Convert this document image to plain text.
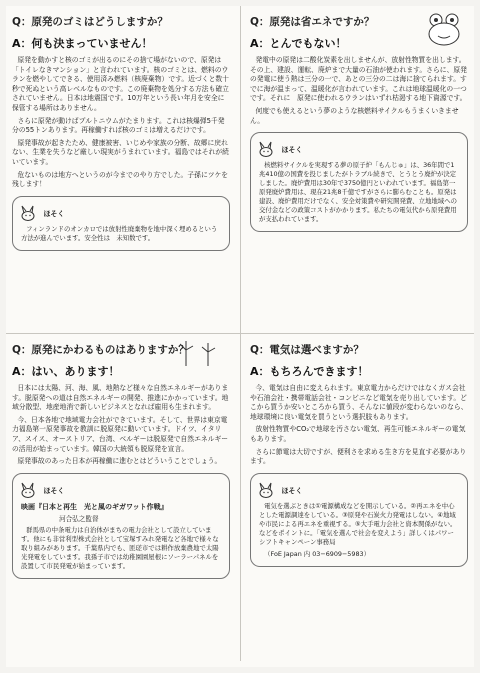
Q：原発のゴミはどうしますか？
A：何も決まっていません！

原発を動かすと核のゴミが出るのにその捨て場がないので、原発は「トイレなきマンション」と言われています。核のゴミとは、燃料のウランを燃やしてできる、使用済み燃料（核廃棄物）です。近づくと数十秒で死ぬという高レベルなものです。この廃棄物を処分する方法も確立されていません。日本は地震国です。10万年という長い年月を安全に保管する場所はありません。

さらに原発が動けばプルトニウムがたまります。これは核爆弾5千発分の55トンあります。再稼働すれば核のゴミは増えるだけです。

原発事故が起きたため、健康被害、いじめや家族の分断、故郷に戻れない、生業を失うなど厳しい現実がうまれています。福島ではそれが続いています。

危ないものは地方へというのが今までのやり方でした。子孫にツケを残します！

ほそく

フィンランドのオンカロでは放射性廃棄物を地中深く埋めるという方法が進んでいます。安全性は　未知数です。

Q：原発は省エネですか？
A：とんでもない！

発電中の原発は二酸化炭素を出しませんが、放射性物質を出します。その上、建設、運転、廃炉まで大量の石油が使われます。さらに、原発の発電に使う熱は三分の一で、あとの三分の二は海に捨てられます。すでに海が温まって、温暖化が言われています。これは地球温暖化の一つです。それに　原発に使われるウランはいずれ枯渇する地下資源です。

何度でも使えるという夢のような核燃料サイクルもうまくいきません。

ほそく

核燃料サイクルを実現する夢の原子炉「もんじゅ」は、36年間で1兆410億の国費を投じましたがトラブル続きで、とうとう廃炉が決定しました。廃炉費用は30年で3750億円といわれています。福島第一原発廃炉費用は、現在21兆8千億ですがさらに膨らむことも。原発は建設、廃炉費用だけでなく、安全対策費や研究開発費、立地地域への交付金などの政策コストがかかります。私たちの電気代から原発費用が支払われています。

Q：原発にかわるものはありますか？
A：はい、あります！

日本には太陽、河、海、風、地熱など様々な自然エネルギーがあります。脱原発への道は自然エネルギーの開発、推進にかかっています。地域分散型、地産地消で新しいビジネスとなれば雇用も生まれます。

今、日本各地で地域電力会社ができています。そして、世界は東京電力福島第一原発事故を教訓に脱原発に動いています。ドイツ、イタリア、スイス、オーストリア、台湾、ベルギーは脱原発で自然エネルギーの活用が始まっています。韓国の大統領も脱原発を宣言。

原発事故のあった日本が再稼働に進むとはどういうことでしょう。

ほそく
映画『日本と再生　光と風のギガワット作戦』
河合弘之監督

群馬県の中条電力は自治体がまちの電力会社として設立しています。他にも非営利型株式会社として宝塚すみれ発電など各地で様々な取り組みがあります。千葉県内でも、匝瑳市では耕作放棄農地で太陽光発電をしています。我孫子市では幼稚園園屋根にソーラーパネルを設置して市民発電が始まっています。

Q：電気は選べますか？
A：もちろんできます！

今、電気は自由に変えられます。東京電力からだけではなくガス会社や石油会社・携帯電話会社・コンビニなど電気を売り出しています。どこから買うか安いところから買う、そんなに値段が変わらないのなら、地球環境に良い電気を買うという選択肢もあります。

放射性物質やCO₂で地球を汚さない電気、再生可能エネルギーの電気もあります。

さらに節電は大切ですが、便利さを求める生き方を見直す必要があります。

ほそく

電気を選ぶときは①電源構成などを開示している。②再エネを中心とした電源調達をしている。③原発や石炭火力発電はしない。④地域や市民による再エネを重視する。⑤大手電力会社と資本関係がない。などをポイントに。「電気を選んで社会を変えよう」詳しくはパワーシフトキャンペーン事務局

（FoE Japan 内 03−6909−5983）
